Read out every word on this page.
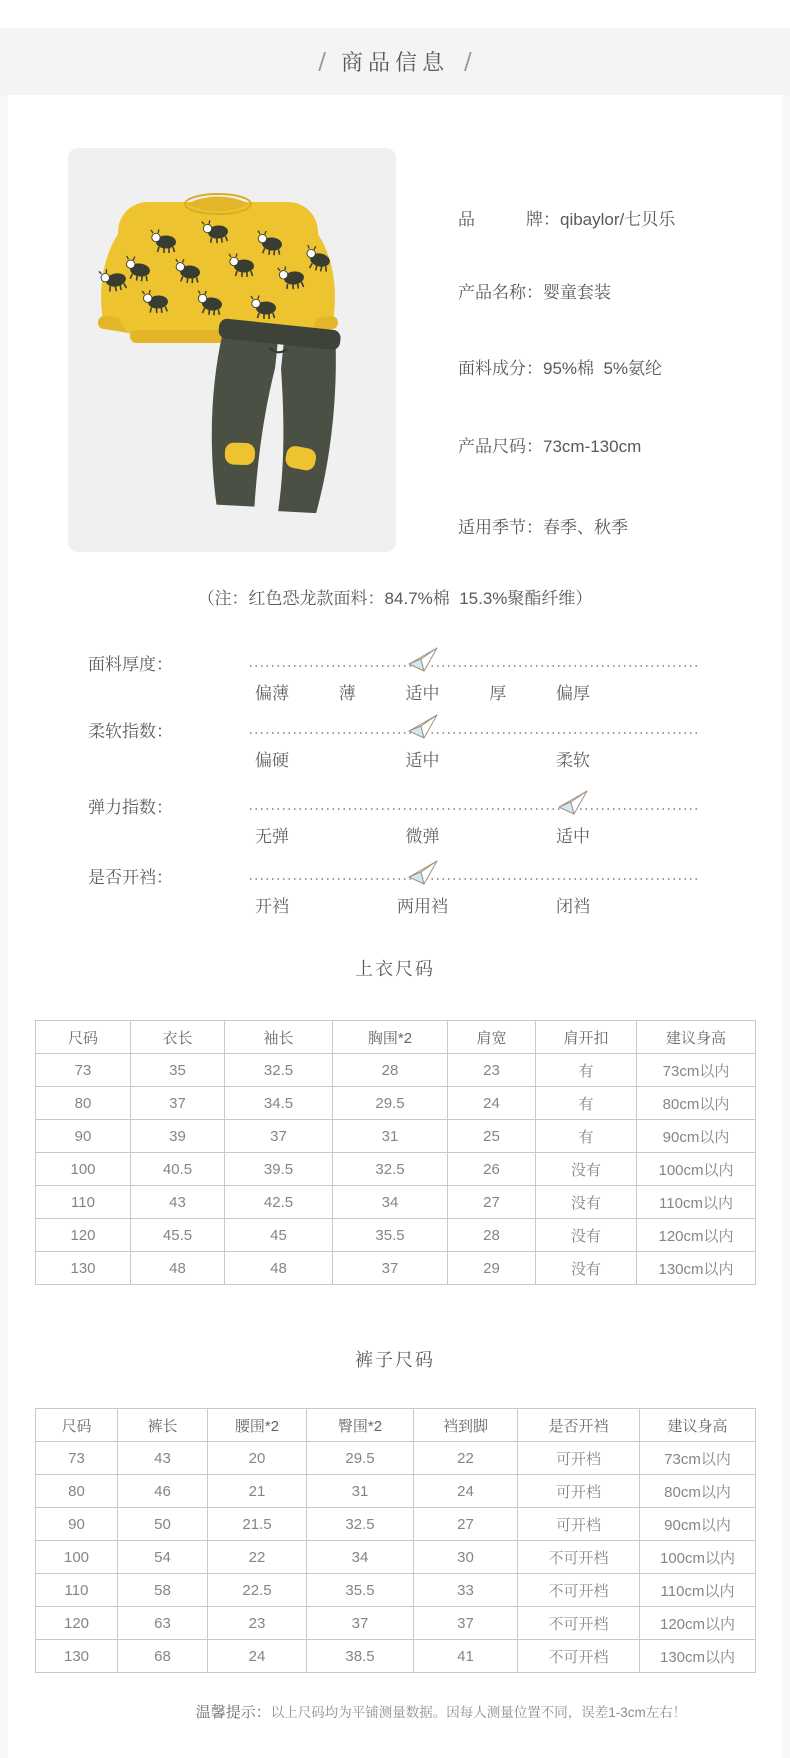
/ 商品信息 /
品　　　牌：qibaylor/七贝乐
产品名称：婴童套装
面料成分：95%棉  5%氨纶
产品尺码：73cm-130cm
适用季节：春季、秋季
（注：红色恐龙款面料：84.7%棉  15.3%聚酯纤维）
面料厚度：
偏薄	薄	适中	厚	偏厚
柔软指数：
偏硬	适中	柔软
弹力指数：
无弹	微弹	适中
是否开裆：
开裆	两用裆	闭裆
上衣尺码
裤子尺码
尺码	衣长	袖长	胸围*2	肩宽	肩开扣	建议身高
73	35	32.5	28	23	有	73cm以内
80	37	34.5	29.5	24	有	80cm以内
90	39	37	31	25	有	90cm以内
100	40.5	39.5	32.5	26	没有	100cm以内
110	43	42.5	34	27	没有	110cm以内
120	45.5	45	35.5	28	没有	120cm以内
130	48	48	37	29	没有	130cm以内
尺码	裤长	腰围*2	臀围*2	裆到脚	是否开裆	建议身高
73	43	20	29.5	22	可开档	73cm以内
80	46	21	31	24	可开档	80cm以内
90	50	21.5	32.5	27	可开档	90cm以内
100	54	22	34	30	不可开档	100cm以内
110	58	22.5	35.5	33	不可开档	110cm以内
120	63	23	37	37	不可开档	120cm以内
130	68	24	38.5	41	不可开档	130cm以内
温馨提示：以上尺码均为平铺测量数据。因每人测量位置不同，误差1-3cm左右！
